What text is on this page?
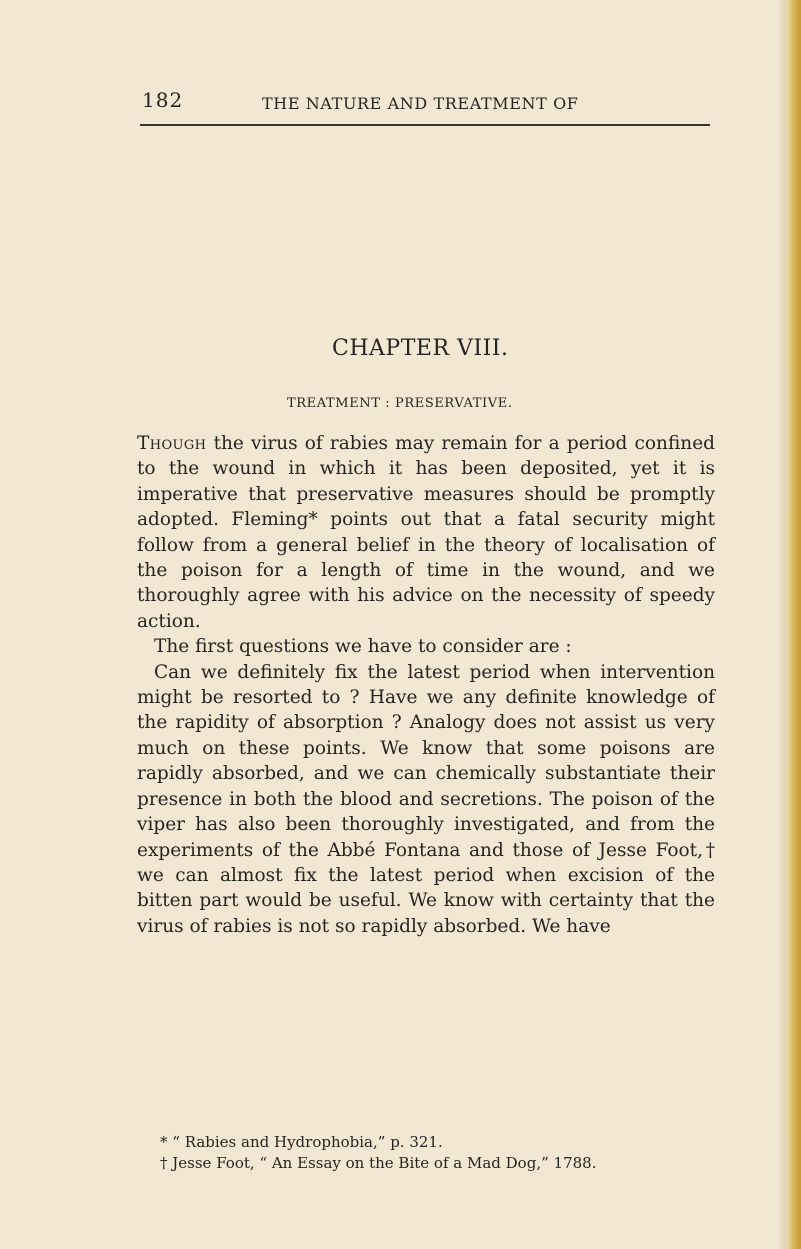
182	THE NATURE AND TREATMENT OF
CHAPTER VIII.
TREATMENT : PRESERVATIVE.

Though the virus of rabies may remain for a period confined to the wound in which it has been deposited, yet it is imperative that preservative measures should be promptly adopted. Fleming* points out that a fatal security might follow from a general belief in the theory of localisation of the poison for a length of time in the wound, and we thoroughly agree with his advice on the necessity of speedy action.

The first questions we have to consider are :

Can we definitely fix the latest period when intervention might be resorted to ? Have we any definite knowledge of the rapidity of absorption ? Analogy does not assist us very much on these points. We know that some poisons are rapidly absorbed, and we can chemically substantiate their presence in both the blood and secretions. The poison of the viper has also been thoroughly investigated, and from the experiments of the Abbé Fontana and those of Jesse Foot,† we can almost fix the latest period when excision of the bitten part would be useful. We know with certainty that the virus of rabies is not so rapidly absorbed. We have

* “ Rabies and Hydrophobia,” p. 321.

† Jesse Foot, “ An Essay on the Bite of a Mad Dog,” 1788.
